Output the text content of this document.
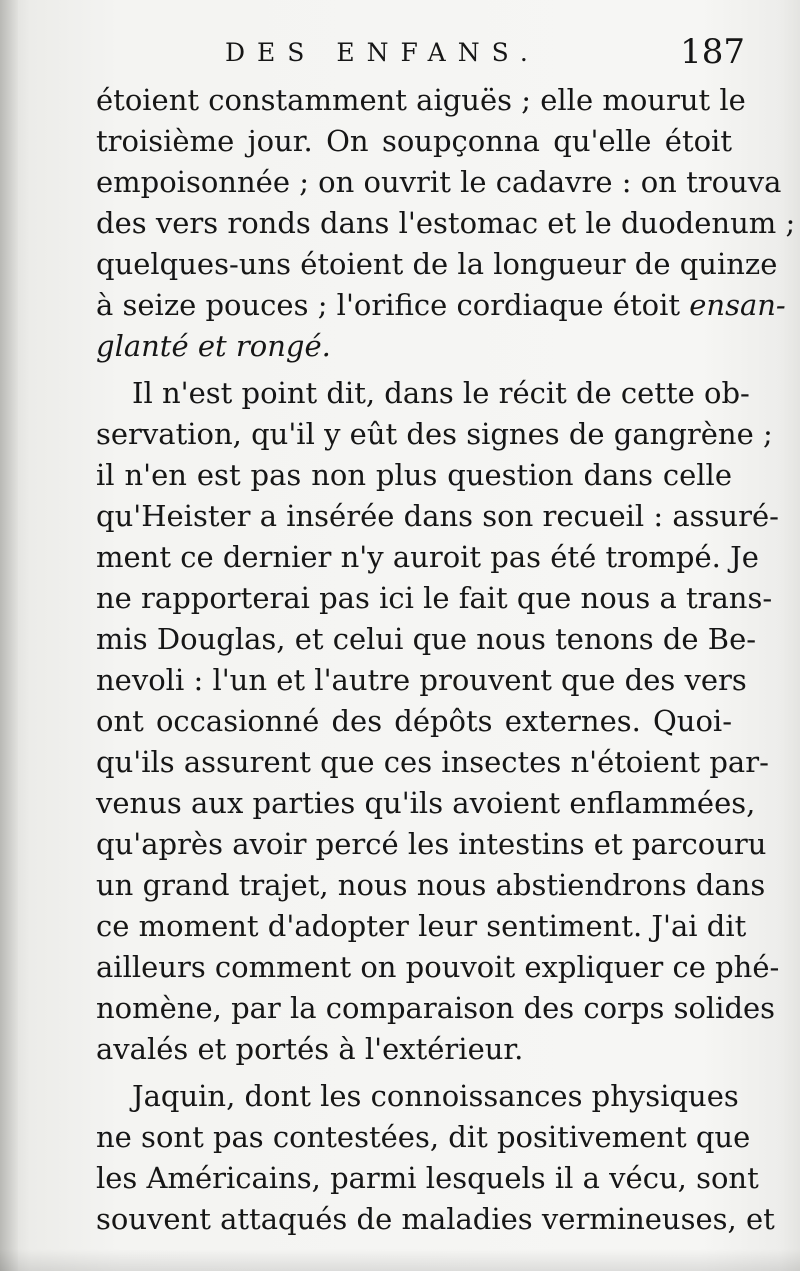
DES ENFANS.	187
étoient constamment aiguës ; elle mourut le
troisième jour. On soupçonna qu'elle étoit
empoisonnée ; on ouvrit le cadavre : on trouva
des vers ronds dans l'estomac et le duodenum ;
quelques-uns étoient de la longueur de quinze
à seize pouces ; l'orifice cordiaque étoit ensan-
glanté et rongé.
Il n'est point dit, dans le récit de cette ob-
servation, qu'il y eût des signes de gangrène ;
il n'en est pas non plus question dans celle
qu'Heister a insérée dans son recueil : assuré-
ment ce dernier n'y auroit pas été trompé. Je
ne rapporterai pas ici le fait que nous a trans-
mis Douglas, et celui que nous tenons de Be-
nevoli : l'un et l'autre prouvent que des vers
ont occasionné des dépôts externes. Quoi-
qu'ils assurent que ces insectes n'étoient par-
venus aux parties qu'ils avoient enflammées,
qu'après avoir percé les intestins et parcouru
un grand trajet, nous nous abstiendrons dans
ce moment d'adopter leur sentiment. J'ai dit
ailleurs comment on pouvoit expliquer ce phé-
nomène, par la comparaison des corps solides
avalés et portés à l'extérieur.
Jaquin, dont les connoissances physiques
ne sont pas contestées, dit positivement que
les Américains, parmi lesquels il a vécu, sont
souvent attaqués de maladies vermineuses, et
